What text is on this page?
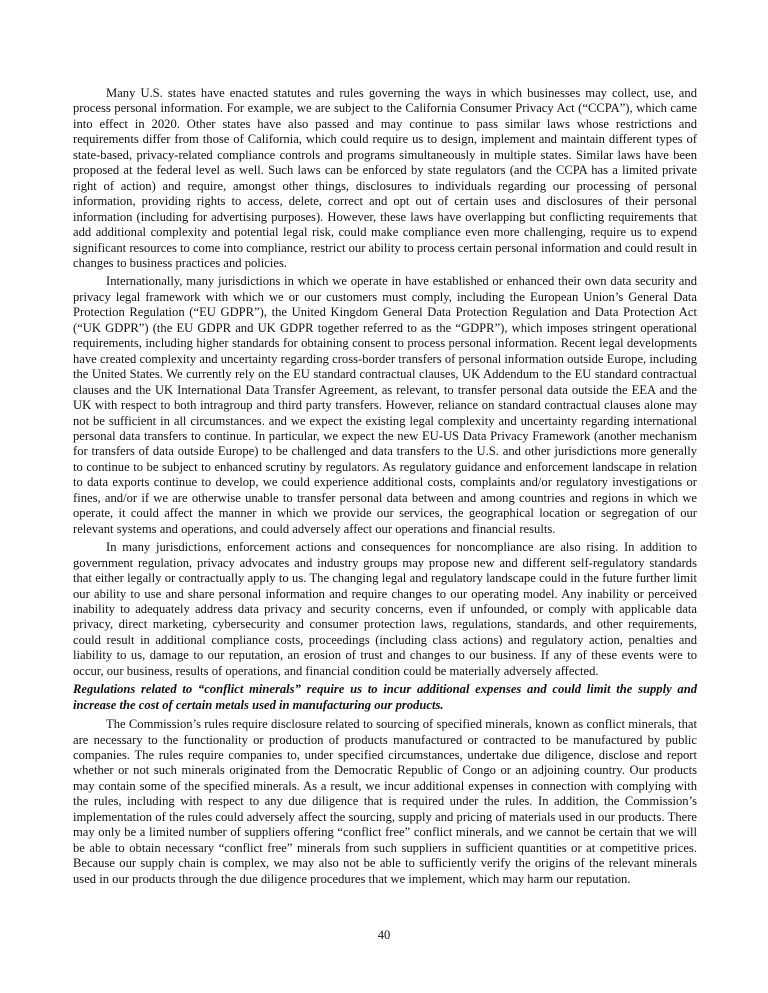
Many U.S. states have enacted statutes and rules governing the ways in which businesses may collect, use, and process personal information. For example, we are subject to the California Consumer Privacy Act (“CCPA”), which came into effect in 2020. Other states have also passed and may continue to pass similar laws whose restrictions and requirements differ from those of California, which could require us to design, implement and maintain different types of state-based, privacy-related compliance controls and programs simultaneously in multiple states. Similar laws have been proposed at the federal level as well. Such laws can be enforced by state regulators (and the CCPA has a limited private right of action) and require, amongst other things, disclosures to individuals regarding our processing of personal information, providing rights to access, delete, correct and opt out of certain uses and disclosures of their personal information (including for advertising purposes). However, these laws have overlapping but conflicting requirements that add additional complexity and potential legal risk, could make compliance even more challenging, require us to expend significant resources to come into compliance, restrict our ability to process certain personal information and could result in changes to business practices and policies.

Internationally, many jurisdictions in which we operate in have established or enhanced their own data security and privacy legal framework with which we or our customers must comply, including the European Union’s General Data Protection Regulation (“EU GDPR”), the United Kingdom General Data Protection Regulation and Data Protection Act (“UK GDPR”) (the EU GDPR and UK GDPR together referred to as the “GDPR”), which imposes stringent operational requirements, including higher standards for obtaining consent to process personal information. Recent legal developments have created complexity and uncertainty regarding cross-border transfers of personal information outside Europe, including the United States. We currently rely on the EU standard contractual clauses, UK Addendum to the EU standard contractual clauses and the UK International Data Transfer Agreement, as relevant, to transfer personal data outside the EEA and the UK with respect to both intragroup and third party transfers. However, reliance on standard contractual clauses alone may not be sufficient in all circumstances. and we expect the existing legal complexity and uncertainty regarding international personal data transfers to continue. In particular, we expect the new EU-US Data Privacy Framework (another mechanism for transfers of data outside Europe) to be challenged and data transfers to the U.S. and other jurisdictions more generally to continue to be subject to enhanced scrutiny by regulators. As regulatory guidance and enforcement landscape in relation to data exports continue to develop, we could experience additional costs, complaints and/or regulatory investigations or fines, and/or if we are otherwise unable to transfer personal data between and among countries and regions in which we operate, it could affect the manner in which we provide our services, the geographical location or segregation of our relevant systems and operations, and could adversely affect our operations and financial results.

In many jurisdictions, enforcement actions and consequences for noncompliance are also rising. In addition to government regulation, privacy advocates and industry groups may propose new and different self-regulatory standards that either legally or contractually apply to us. The changing legal and regulatory landscape could in the future further limit our ability to use and share personal information and require changes to our operating model. Any inability or perceived inability to adequately address data privacy and security concerns, even if unfounded, or comply with applicable data privacy, direct marketing, cybersecurity and consumer protection laws, regulations, standards, and other requirements, could result in additional compliance costs, proceedings (including class actions) and regulatory action, penalties and liability to us, damage to our reputation, an erosion of trust and changes to our business. If any of these events were to occur, our business, results of operations, and financial condition could be materially adversely affected.

Regulations related to “conflict minerals” require us to incur additional expenses and could limit the supply and increase the cost of certain metals used in manufacturing our products.

The Commission’s rules require disclosure related to sourcing of specified minerals, known as conflict minerals, that are necessary to the functionality or production of products manufactured or contracted to be manufactured by public companies. The rules require companies to, under specified circumstances, undertake due diligence, disclose and report whether or not such minerals originated from the Democratic Republic of Congo or an adjoining country. Our products may contain some of the specified minerals. As a result, we incur additional expenses in connection with complying with the rules, including with respect to any due diligence that is required under the rules. In addition, the Commission’s implementation of the rules could adversely affect the sourcing, supply and pricing of materials used in our products. There may only be a limited number of suppliers offering “conflict free” conflict minerals, and we cannot be certain that we will be able to obtain necessary “conflict free” minerals from such suppliers in sufficient quantities or at competitive prices. Because our supply chain is complex, we may also not be able to sufficiently verify the origins of the relevant minerals used in our products through the due diligence procedures that we implement, which may harm our reputation.

40
